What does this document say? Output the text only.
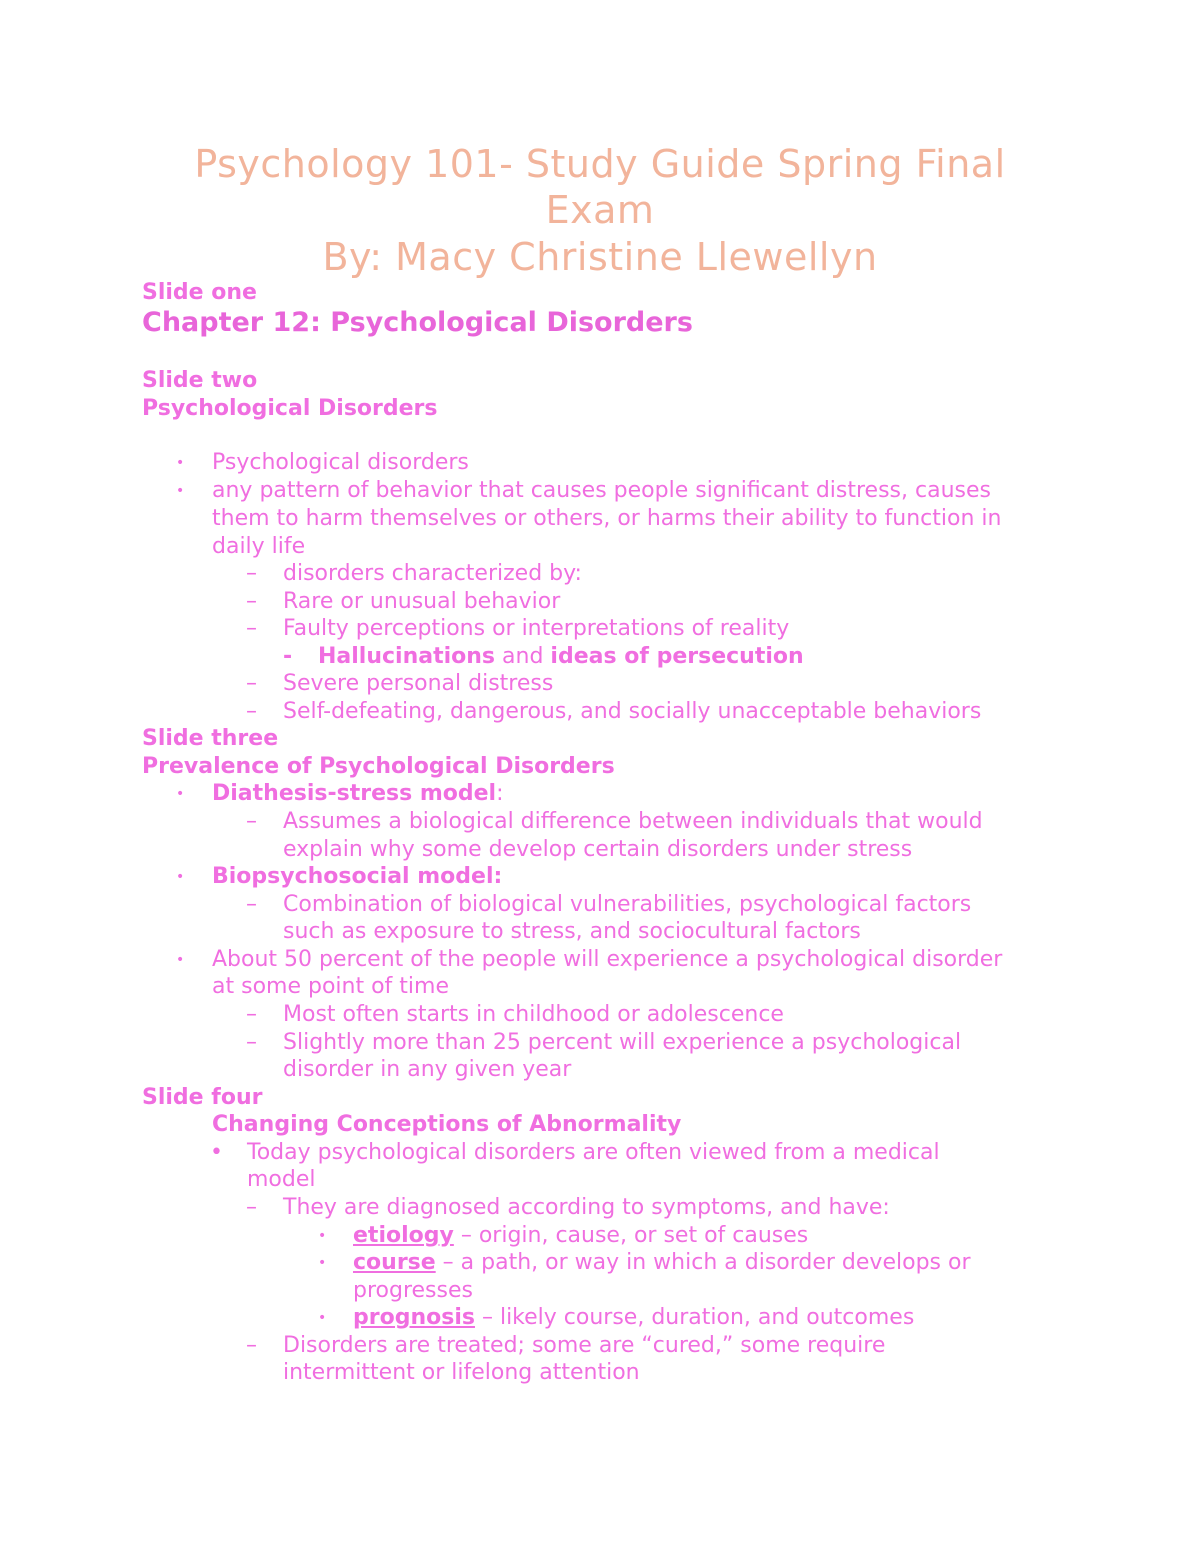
Psychology 101- Study Guide Spring Final
Exam
By: Macy Christine Llewellyn
Slide one
Chapter 12: Psychological Disorders
Slide two
Psychological Disorders
• Psychological disorders
• any pattern of behavior that causes people significant distress, causes
them to harm themselves or others, or harms their ability to function in
daily life
– disorders characterized by:
– Rare or unusual behavior
– Faulty perceptions or interpretations of reality
- Hallucinations and ideas of persecution
– Severe personal distress
– Self-defeating, dangerous, and socially unacceptable behaviors
Slide three
Prevalence of Psychological Disorders
• Diathesis-stress model:
– Assumes a biological difference between individuals that would
explain why some develop certain disorders under stress
• Biopsychosocial model:
– Combination of biological vulnerabilities, psychological factors
such as exposure to stress, and sociocultural factors
• About 50 percent of the people will experience a psychological disorder
at some point of time
– Most often starts in childhood or adolescence
– Slightly more than 25 percent will experience a psychological
disorder in any given year
Slide four
Changing Conceptions of Abnormality
• Today psychological disorders are often viewed from a medical
model
– They are diagnosed according to symptoms, and have:
• etiology – origin, cause, or set of causes
• course – a path, or way in which a disorder develops or
progresses
• prognosis – likely course, duration, and outcomes
– Disorders are treated; some are “cured,” some require
intermittent or lifelong attention
